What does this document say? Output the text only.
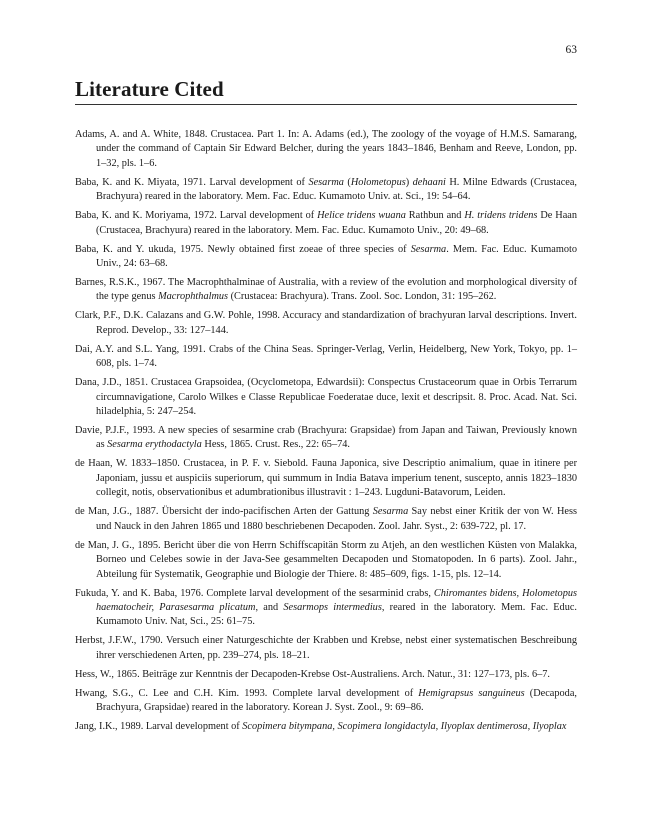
63
Literature Cited

Adams, A. and A. White, 1848. Crustacea. Part 1. In: A. Adams (ed.), The zoology of the voyage of H.M.S. Samarang, under the command of Captain Sir Edward Belcher, during the years 1843–1846, Benham and Reeve, London, pp. 1–32, pls. 1–6.

Baba, K. and K. Miyata, 1971. Larval development of Sesarma (Holometopus) dehaani H. Milne Edwards (Crustacea, Brachyura) reared in the laboratory. Mem. Fac. Educ. Kumamoto Univ. at. Sci., 19: 54–64.

Baba, K. and K. Moriyama, 1972. Larval development of Helice tridens wuana Rathbun and H. tridens tridens De Haan (Crustacea, Brachyura) reared in the laboratory. Mem. Fac. Educ. Kumamoto Univ., 20: 49–68.

Baba, K. and Y. ukuda, 1975. Newly obtained first zoeae of three species of Sesarma. Mem. Fac. Educ. Kumamoto Univ., 24: 63–68.

Barnes, R.S.K., 1967. The Macrophthalminae of Australia, with a review of the evolution and morphological diversity of the type genus Macrophthalmus (Crustacea: Brachyura). Trans. Zool. Soc. London, 31: 195–262.

Clark, P.F., D.K. Calazans and G.W. Pohle, 1998. Accuracy and standardization of brachyuran larval descriptions. Invert. Reprod. Develop., 33: 127–144.

Dai, A.Y. and S.L. Yang, 1991. Crabs of the China Seas. Springer-Verlag, Verlin, Heidelberg, New York, Tokyo, pp. 1–608, pls. 1–74.

Dana, J.D., 1851. Crustacea Grapsoidea, (Ocyclometopa, Edwardsii): Conspectus Crustaceorum quae in Orbis Terrarum circumnavigatione, Carolo Wilkes e Classe Republicae Foederatae duce, lexit et descripsit. 8. Proc. Acad. Nat. Sci. hiladelphia, 5: 247–254.

Davie, P.J.F., 1993. A new species of sesarmine crab (Brachyura: Grapsidae) from Japan and Taiwan, Previously known as Sesarma erythodactyla Hess, 1865. Crust. Res., 22: 65–74.

de Haan, W. 1833–1850. Crustacea, in P. F. v. Siebold. Fauna Japonica, sive Descriptio animalium, quae in itinere per Japoniam, jussu et auspiciis superiorum, qui summum in India Batava imperium tenent, suscepto, annis 1823–1830 collegit, notis, observationibus et adumbrationibus illustravit : 1–243. Lugduni-Batavorum, Leiden.

de Man, J.G., 1887. Übersicht der indo-pacifischen Arten der Gattung Sesarma Say nebst einer Kritik der von W. Hess und Nauck in den Jahren 1865 und 1880 beschriebenen Decapoden. Zool. Jahr. Syst., 2: 639-722, pl. 17.

de Man, J. G., 1895. Bericht über die von Herrn Schiffscapitän Storm zu Atjeh, an den westlichen Küsten von Malakka, Borneo und Celebes sowie in der Java-See gesammelten Decapoden und Stomatopoden. In 6 parts). Zool. Jahr., Abteilung für Systematik, Geographie und Biologie der Thiere. 8: 485–609, figs. 1-15, pls. 12–14.

Fukuda, Y. and K. Baba, 1976. Complete larval development of the sesarminid crabs, Chiromantes bidens, Holometopus haematocheir, Parasesarma plicatum, and Sesarmops intermedius, reared in the laboratory. Mem. Fac. Educ. Kumamoto Univ. Nat, Sci., 25: 61–75.

Herbst, J.F.W., 1790. Versuch einer Naturgeschichte der Krabben und Krebse, nebst einer systematischen Beschreibung ihrer verschiedenen Arten, pp. 239–274, pls. 18–21.

Hess, W., 1865. Beiträge zur Kenntnis der Decapoden-Krebse Ost-Australiens. Arch. Natur., 31: 127–173, pls. 6–7.

Hwang, S.G., C. Lee and C.H. Kim. 1993. Complete larval development of Hemigrapsus sanguineus (Decapoda, Brachyura, Grapsidae) reared in the laboratory. Korean J. Syst. Zool., 9: 69–86.

Jang, I.K., 1989. Larval development of Scopimera bitympana, Scopimera longidactyla, Ilyoplax dentimerosa, Ilyoplax
